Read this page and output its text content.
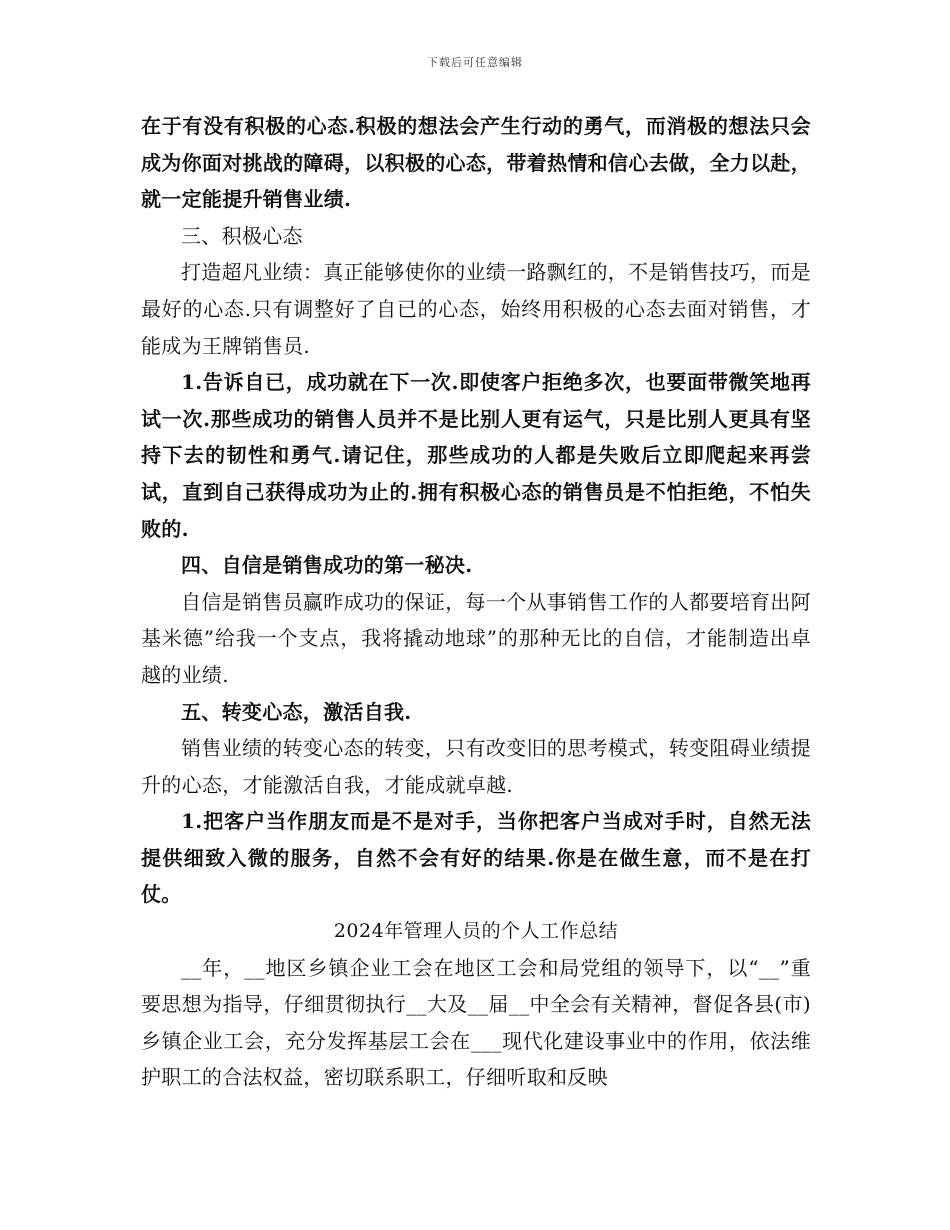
下载后可任意编辑

在于有没有积极的心态.积极的想法会产生行动的勇气，而消极的想法只会成为你面对挑战的障碍，以积极的心态，带着热情和信心去做，全力以赴，就一定能提升销售业绩.

三、积极心态

打造超凡业绩：真正能够使你的业绩一路飘红的，不是销售技巧，而是最好的心态.只有调整好了自已的心态，始终用积极的心态去面对销售，才能成为王牌销售员.

1.告诉自已，成功就在下一次.即使客户拒绝多次，也要面带微笑地再试一次.那些成功的销售人员并不是比别人更有运气，只是比别人更具有坚持下去的韧性和勇气.请记住，那些成功的人都是失败后立即爬起来再尝试，直到自己获得成功为止的.拥有积极心态的销售员是不怕拒绝，不怕失败的.

四、自信是销售成功的第一秘决.

自信是销售员赢昨成功的保证，每一个从事销售工作的人都要培育出阿基米德”给我一个支点，我将撬动地球”的那种无比的自信，才能制造出卓越的业绩.

五、转变心态，激活自我.

销售业绩的转变心态的转变，只有改变旧的思考模式，转变阻碍业绩提升的心态，才能激活自我，才能成就卓越.

1.把客户当作朋友而是不是对手，当你把客户当成对手时，自然无法提供细致入微的服务，自然不会有好的结果.你是在做生意，而不是在打仗。

2024年管理人员的个人工作总结

__年，__地区乡镇企业工会在地区工会和局党组的领导下，以“__”重要思想为指导，仔细贯彻执行__大及__届__中全会有关精神，督促各县(市)乡镇企业工会，充分发挥基层工会在___现代化建设事业中的作用，依法维护职工的合法权益，密切联系职工，仔细听取和反映
